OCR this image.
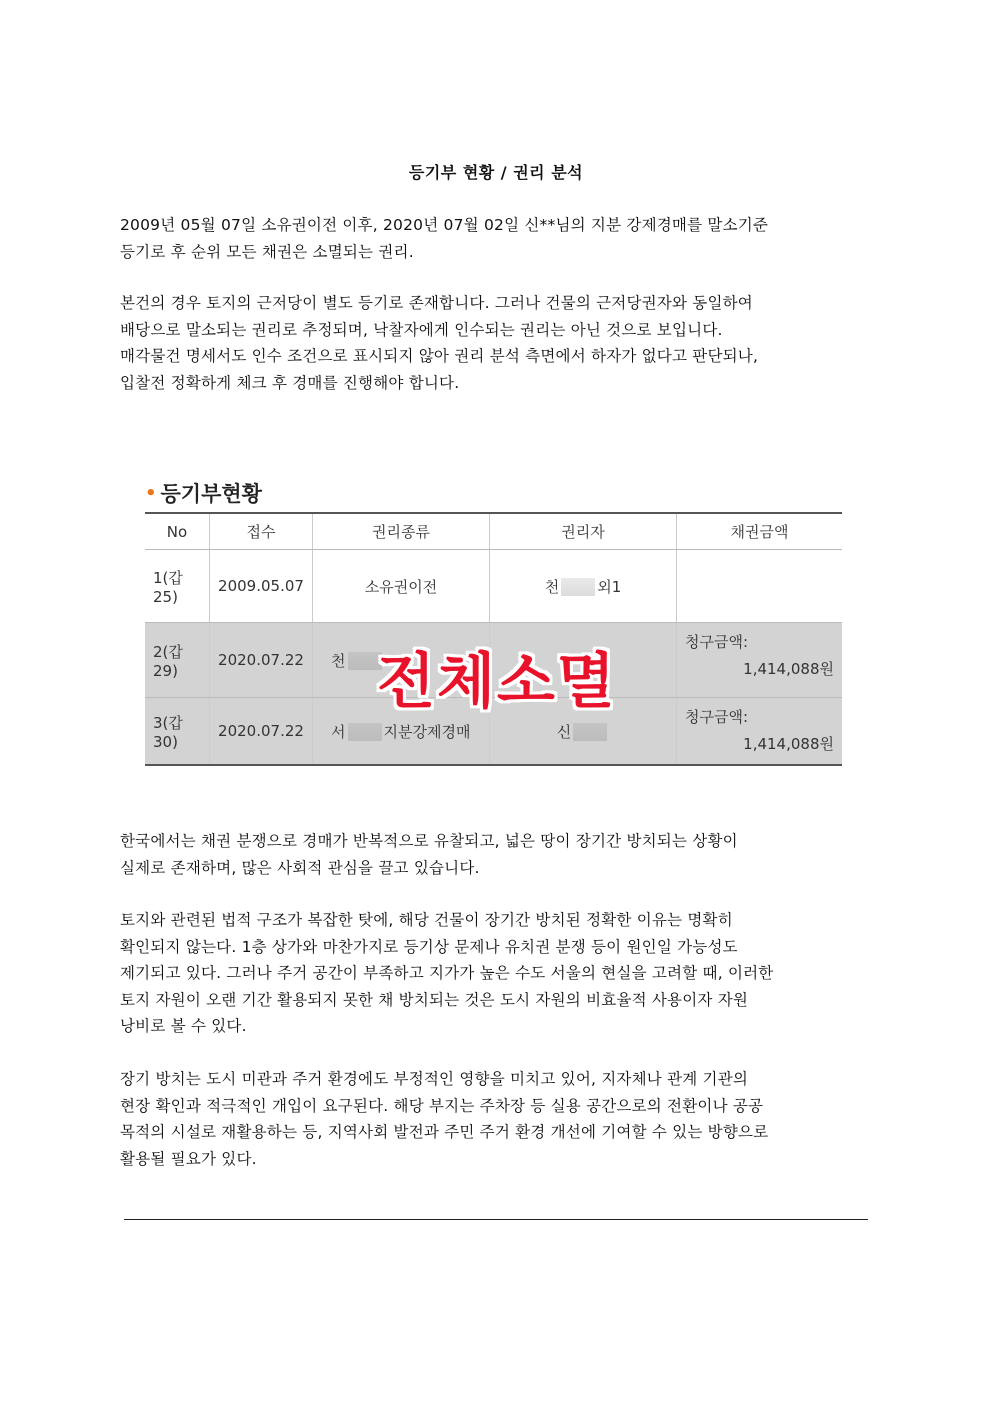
등기부 현황 / 권리 분석
2009년 05월 07일 소유권이전 이후, 2020년 07월 02일 신**님의 지분 강제경매를 말소기준
등기로 후 순위 모든 채권은 소멸되는 권리.
본건의 경우 토지의 근저당이 별도 등기로 존재합니다. 그러나 건물의 근저당권자와 동일하여
배당으로 말소되는 권리로 추정되며, 낙찰자에게 인수되는 권리는 아닌 것으로 보입니다.
매각물건 명세서도 인수 조건으로 표시되지 않아 권리 분석 측면에서 하자가 없다고 판단되나,
입찰전 정확하게 체크 후 경매를 진행해야 합니다.
• 등기부현황
No	접수	권리종류	권리자	채권금액
1(갑25)	2009.05.07	소유권이전	천 외1	
2(갑29)	2020.07.22	천		청구금액:
1,414,088원

3(갑30)	2020.07.22	서 지분강제경매	신	청구금액:
1,414,088원
전체소멸
한국에서는 채권 분쟁으로 경매가 반복적으로 유찰되고, 넓은 땅이 장기간 방치되는 상황이
실제로 존재하며, 많은 사회적 관심을 끌고 있습니다.
토지와 관련된 법적 구조가 복잡한 탓에, 해당 건물이 장기간 방치된 정확한 이유는 명확히
확인되지 않는다. 1층 상가와 마찬가지로 등기상 문제나 유치권 분쟁 등이 원인일 가능성도
제기되고 있다. 그러나 주거 공간이 부족하고 지가가 높은 수도 서울의 현실을 고려할 때, 이러한
토지 자원이 오랜 기간 활용되지 못한 채 방치되는 것은 도시 자원의 비효율적 사용이자 자원
낭비로 볼 수 있다.
장기 방치는 도시 미관과 주거 환경에도 부정적인 영향을 미치고 있어, 지자체나 관계 기관의
현장 확인과 적극적인 개입이 요구된다. 해당 부지는 주차장 등 실용 공간으로의 전환이나 공공
목적의 시설로 재활용하는 등, 지역사회 발전과 주민 주거 환경 개선에 기여할 수 있는 방향으로
활용될 필요가 있다.
